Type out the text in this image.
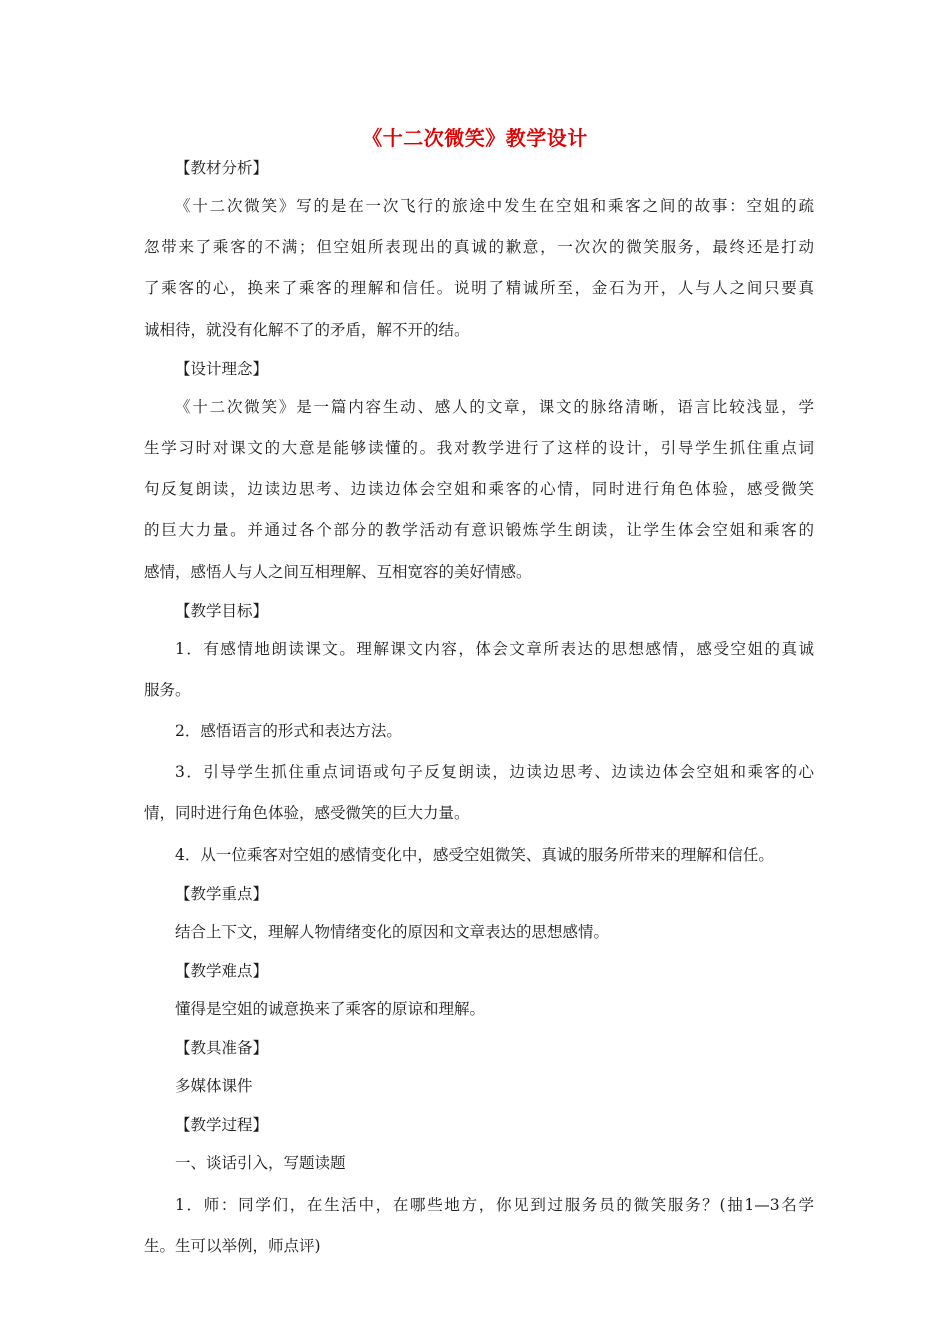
《十二次微笑》教学设计
【教材分析】
《十二次微笑》写的是在一次飞行的旅途中发生在空姐和乘客之间的故事：空姐的疏
忽带来了乘客的不满；但空姐所表现出的真诚的歉意，一次次的微笑服务，最终还是打动
了乘客的心，换来了乘客的理解和信任。说明了精诚所至，金石为开，人与人之间只要真
诚相待，就没有化解不了的矛盾，解不开的结。
【设计理念】
《十二次微笑》是一篇内容生动、感人的文章，课文的脉络清晰，语言比较浅显，学
生学习时对课文的大意是能够读懂的。我对教学进行了这样的设计，引导学生抓住重点词
句反复朗读，边读边思考、边读边体会空姐和乘客的心情，同时进行角色体验，感受微笑
的巨大力量。并通过各个部分的教学活动有意识锻炼学生朗读，让学生体会空姐和乘客的
感情，感悟人与人之间互相理解、互相宽容的美好情感。
【教学目标】
1．有感情地朗读课文。理解课文内容，体会文章所表达的思想感情，感受空姐的真诚
服务。
2．感悟语言的形式和表达方法。
3．引导学生抓住重点词语或句子反复朗读，边读边思考、边读边体会空姐和乘客的心
情，同时进行角色体验，感受微笑的巨大力量。
4．从一位乘客对空姐的感情变化中，感受空姐微笑、真诚的服务所带来的理解和信任。
【教学重点】
结合上下文，理解人物情绪变化的原因和文章表达的思想感情。
【教学难点】
懂得是空姐的诚意换来了乘客的原谅和理解。
【教具准备】
多媒体课件
【教学过程】
一、谈话引入，写题读题
1．师：同学们，在生活中，在哪些地方，你见到过服务员的微笑服务？(抽1—3名学
生。生可以举例，师点评)
